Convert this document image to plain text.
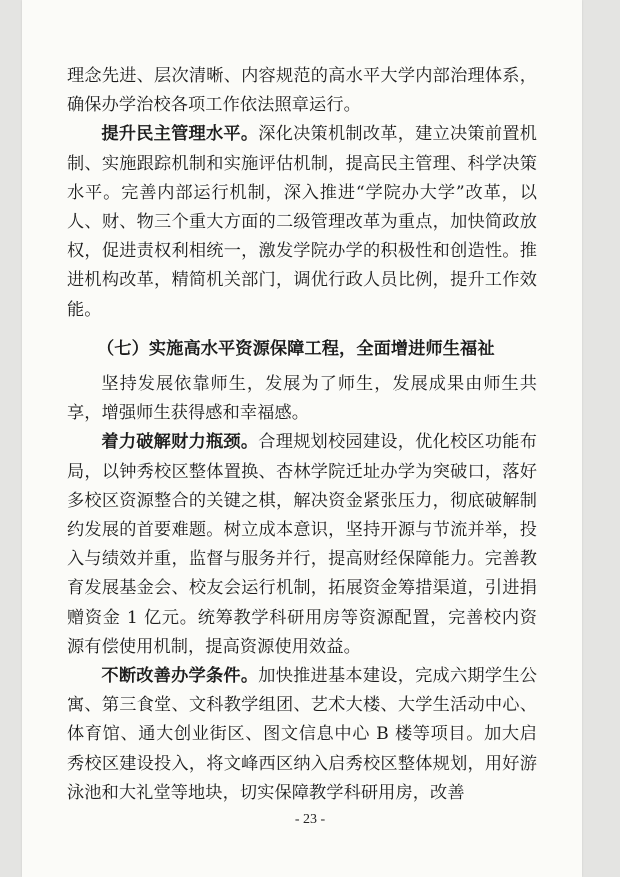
理念先进、层次清晰、内容规范的高水平大学内部治理体系，确保办学治校各项工作依法照章运行。

提升民主管理水平。深化决策机制改革，建立决策前置机制、实施跟踪机制和实施评估机制，提高民主管理、科学决策水平。完善内部运行机制，深入推进“学院办大学”改革，以人、财、物三个重大方面的二级管理改革为重点，加快简政放权，促进责权利相统一，激发学院办学的积极性和创造性。推进机构改革，精简机关部门，调优行政人员比例，提升工作效能。

（七）实施高水平资源保障工程，全面增进师生福祉

坚持发展依靠师生，发展为了师生，发展成果由师生共享，增强师生获得感和幸福感。

着力破解财力瓶颈。合理规划校园建设，优化校区功能布局，以钟秀校区整体置换、杏林学院迁址办学为突破口，落好多校区资源整合的关键之棋，解决资金紧张压力，彻底破解制约发展的首要难题。树立成本意识，坚持开源与节流并举，投入与绩效并重，监督与服务并行，提高财经保障能力。完善教育发展基金会、校友会运行机制，拓展资金筹措渠道，引进捐赠资金 1 亿元。统筹教学科研用房等资源配置，完善校内资源有偿使用机制，提高资源使用效益。

不断改善办学条件。加快推进基本建设，完成六期学生公寓、第三食堂、文科教学组团、艺术大楼、大学生活动中心、体育馆、通大创业街区、图文信息中心 B 楼等项目。加大启秀校区建设投入，将文峰西区纳入启秀校区整体规划，用好游泳池和大礼堂等地块，切实保障教学科研用房，改善

- 23 -
